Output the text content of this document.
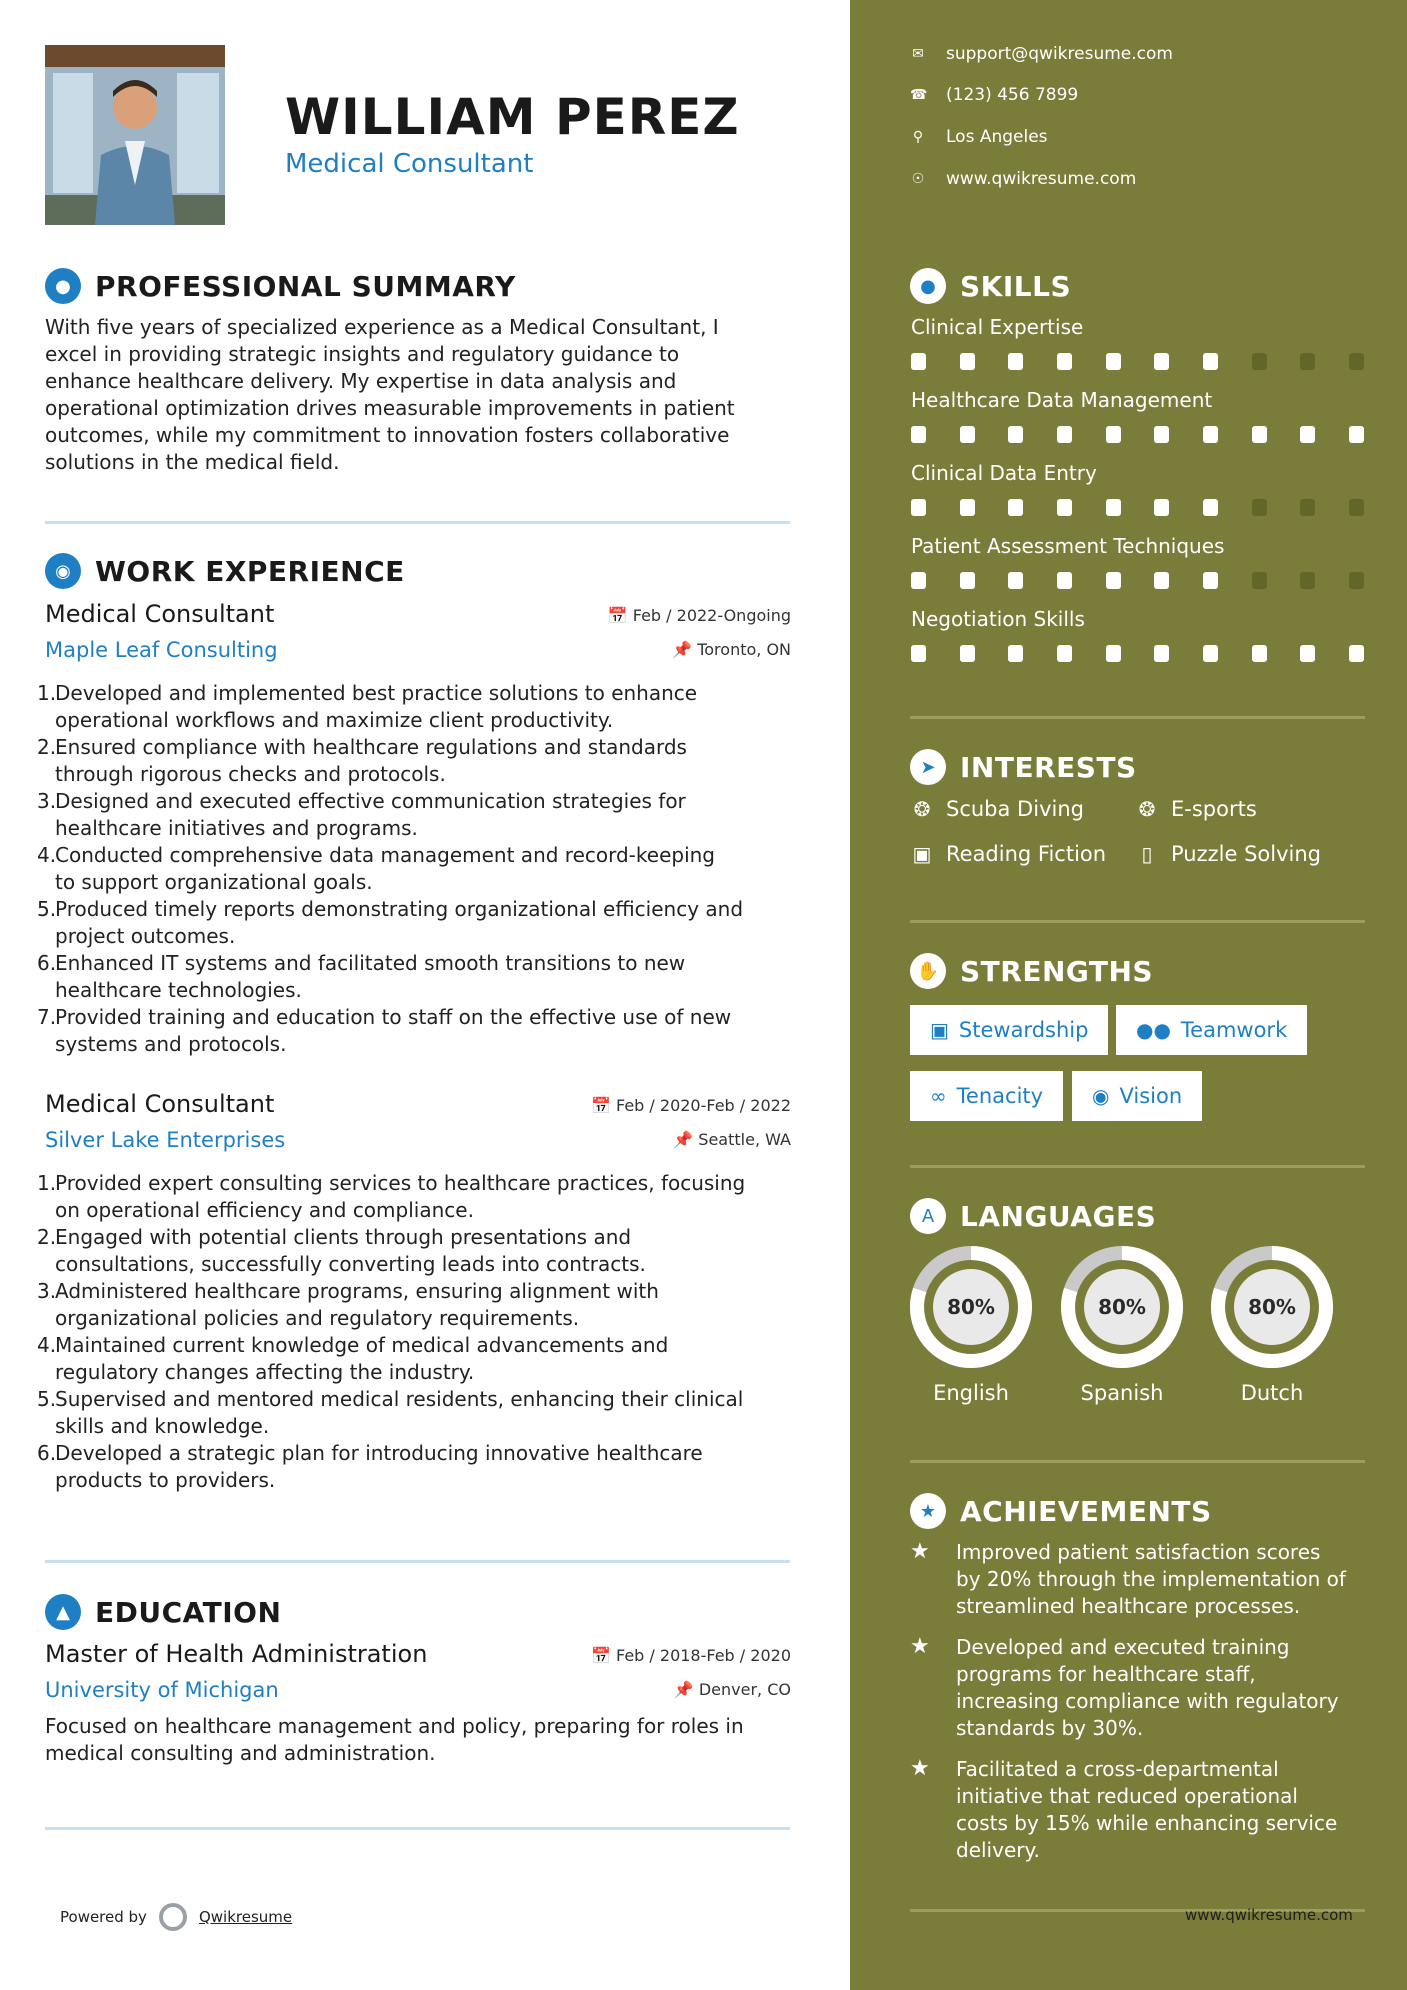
WILLIAM PEREZ
Medical Consultant
● PROFESSIONAL SUMMARY
With five years of specialized experience as a Medical Consultant, I
excel in providing strategic insights and regulatory guidance to
enhance healthcare delivery. My expertise in data analysis and
operational optimization drives measurable improvements in patient
outcomes, while my commitment to innovation fosters collaborative
solutions in the medical field.
◉ WORK EXPERIENCE
Medical Consultant
Maple Leaf Consulting
📅 Feb / 2022-Ongoing
📌 Toronto, ON
1.
Developed and implemented best practice solutions to enhance
operational workflows and maximize client productivity.
2.
Ensured compliance with healthcare regulations and standards
through rigorous checks and protocols.
3.
Designed and executed effective communication strategies for
healthcare initiatives and programs.
4.
Conducted comprehensive data management and record-keeping
to support organizational goals.
5.
Produced timely reports demonstrating organizational efficiency and
project outcomes.
6.
Enhanced IT systems and facilitated smooth transitions to new
healthcare technologies.
7.
Provided training and education to staff on the effective use of new
systems and protocols.
Medical Consultant
Silver Lake Enterprises
📅 Feb / 2020-Feb / 2022
📌 Seattle, WA
1.
Provided expert consulting services to healthcare practices, focusing
on operational efficiency and compliance.
2.
Engaged with potential clients through presentations and
consultations, successfully converting leads into contracts.
3.
Administered healthcare programs, ensuring alignment with
organizational policies and regulatory requirements.
4.
Maintained current knowledge of medical advancements and
regulatory changes affecting the industry.
5.
Supervised and mentored medical residents, enhancing their clinical
skills and knowledge.
6.
Developed a strategic plan for introducing innovative healthcare
products to providers.
▲ EDUCATION
Master of Health Administration
University of Michigan
📅 Feb / 2018-Feb / 2020
📌 Denver, CO
Focused on healthcare management and policy, preparing for roles in
medical consulting and administration.
Powered by	Qwikresume
✉ support@qwikresume.com
☎ (123) 456 7899
⚲ Los Angeles
☉ www.qwikresume.com
● SKILLS
Clinical Expertise
Healthcare Data Management
Clinical Data Entry
Patient Assessment Techniques
Negotiation Skills
➤ INTERESTS
❂ Scuba Diving	❂ E-sports
▣ Reading Fiction	▯ Puzzle Solving
✋ STRENGTHS
▣ Stewardship ●● Teamwork
∞ Tenacity ◉ Vision
A LANGUAGES
80%
English
80%
Spanish
80%
Dutch
★ ACHIEVEMENTS
★	Improved patient satisfaction scores
by 20% through the implementation of
streamlined healthcare processes.
★	Developed and executed training
programs for healthcare staff,
increasing compliance with regulatory
standards by 30%.
★	Facilitated a cross-departmental
initiative that reduced operational
costs by 15% while enhancing service
delivery.
www.qwikresume.com
